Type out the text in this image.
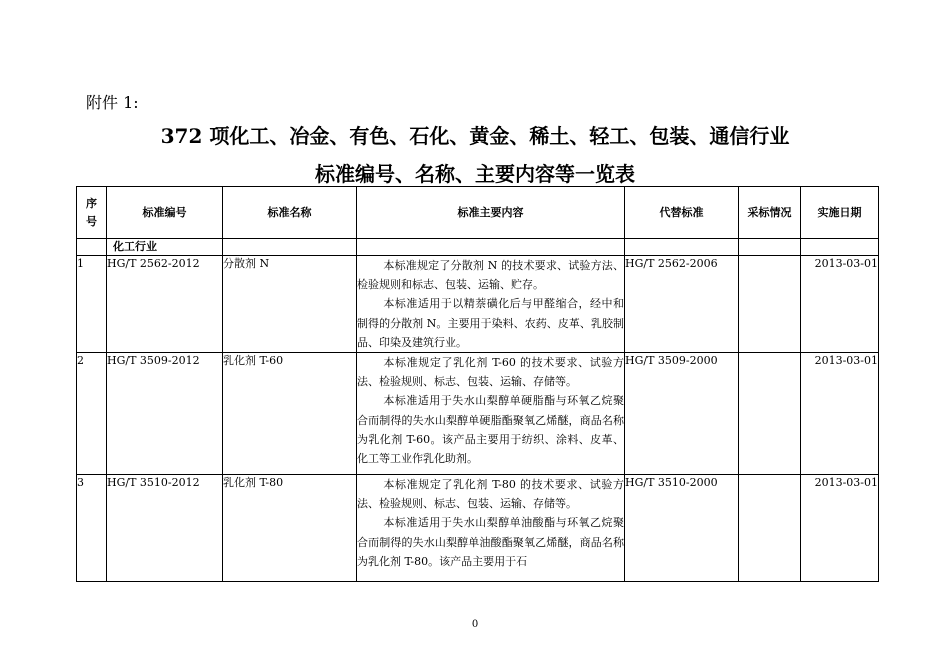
附件 1:
372 项化工、冶金、有色、石化、黄金、稀土、轻工、包装、通信行业
标准编号、名称、主要内容等一览表
序号	标准编号	标准名称	标准主要内容	代替标准	采标情况	实施日期
	化工行业					
1	HG/T 2562-2012	分散剂 N	本标准规定了分散剂 N 的技术要求、试验方法、检验规则和标志、包装、运输、贮存。

本标准适用于以精萘磺化后与甲醛缩合，经中和制得的分散剂 N。主要用于染料、农药、皮革、乳胶制品、印染及建筑行业。	HG/T 2562-2006		2013-03-01
2	HG/T 3509-2012	乳化剂 T-60	本标准规定了乳化剂 T-60 的技术要求、试验方法、检验规则、标志、包装、运输、存储等。

本标准适用于失水山梨醇单硬脂酯与环氧乙烷聚合而制得的失水山梨醇单硬脂酯聚氧乙烯醚，商品名称为乳化剂 T-60。该产品主要用于纺织、涂料、皮革、化工等工业作乳化助剂。	HG/T 3509-2000		2013-03-01
3	HG/T 3510-2012	乳化剂 T-80	本标准规定了乳化剂 T-80 的技术要求、试验方法、检验规则、标志、包装、运输、存储等。

本标准适用于失水山梨醇单油酸酯与环氧乙烷聚合而制得的失水山梨醇单油酸酯聚氧乙烯醚，商品名称为乳化剂 T-80。该产品主要用于石	HG/T 3510-2000		2013-03-01
0
